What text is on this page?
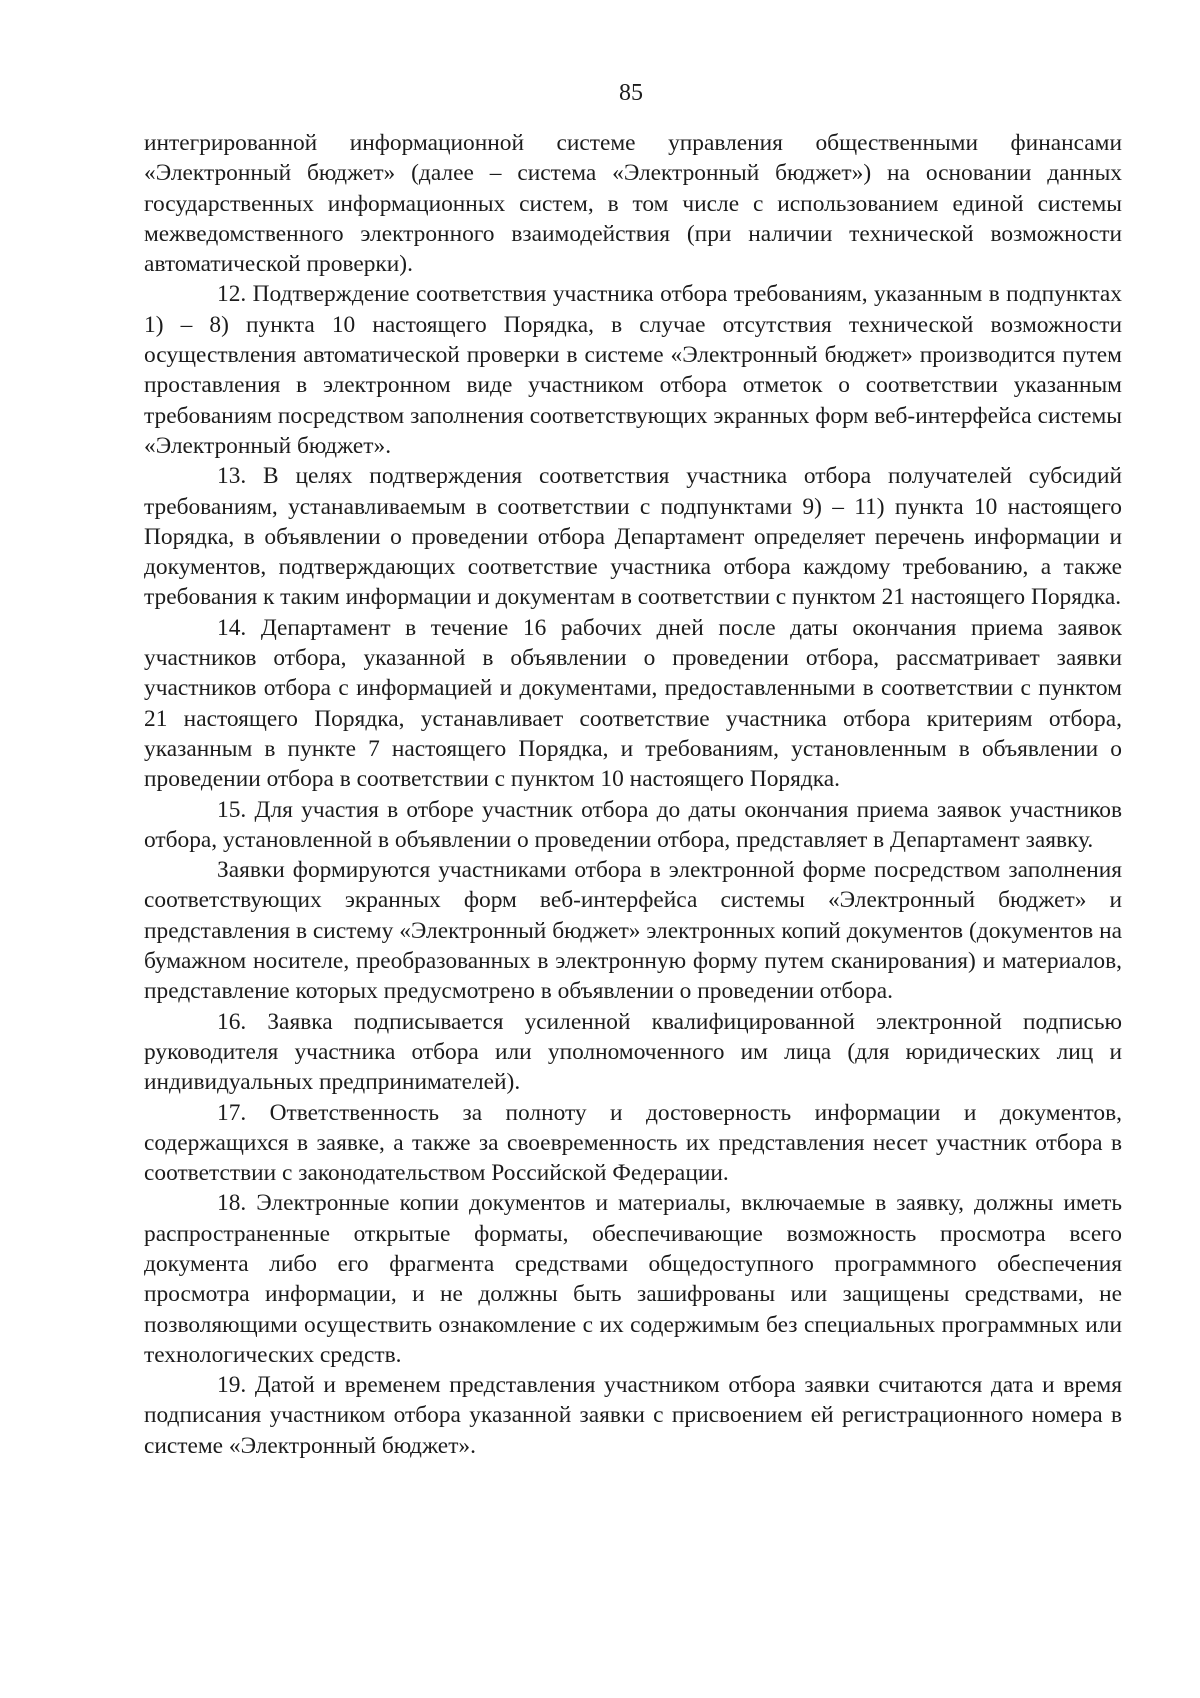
85

интегрированной информационной системе управления общественными финансами «Электронный бюджет» (далее – система «Электронный бюджет») на основании данных государственных информационных систем, в том числе с использованием единой системы межведомственного электронного взаимодействия (при наличии технической возможности автоматической проверки).

12. Подтверждение соответствия участника отбора требованиям, указанным в подпунктах 1) – 8) пункта 10 настоящего Порядка, в случае отсутствия технической возможности осуществления автоматической проверки в системе «Электронный бюджет» производится путем проставления в электронном виде участником отбора отметок о соответствии указанным требованиям посредством заполнения соответствующих экранных форм веб-интерфейса системы «Электронный бюджет».

13. В целях подтверждения соответствия участника отбора получателей субсидий требованиям, устанавливаемым в соответствии с подпунктами 9) – 11) пункта 10 настоящего Порядка, в объявлении о проведении отбора Департамент определяет перечень информации и документов, подтверждающих соответствие участника отбора каждому требованию, а также требования к таким информации и документам в соответствии с пунктом 21 настоящего Порядка.

14. Департамент в течение 16 рабочих дней после даты окончания приема заявок участников отбора, указанной в объявлении о проведении отбора, рассматривает заявки участников отбора с информацией и документами, предоставленными в соответствии с пунктом 21 настоящего Порядка, устанавливает соответствие участника отбора критериям отбора, указанным в пункте 7 настоящего Порядка, и требованиям, установленным в объявлении о проведении отбора в соответствии с пунктом 10 настоящего Порядка.

15. Для участия в отборе участник отбора до даты окончания приема заявок участников отбора, установленной в объявлении о проведении отбора, представляет в Департамент заявку.

Заявки формируются участниками отбора в электронной форме посредством заполнения соответствующих экранных форм веб-интерфейса системы «Электронный бюджет» и представления в систему «Электронный бюджет» электронных копий документов (документов на бумажном носителе, преобразованных в электронную форму путем сканирования) и материалов, представление которых предусмотрено в объявлении о проведении отбора.

16. Заявка подписывается усиленной квалифицированной электронной подписью руководителя участника отбора или уполномоченного им лица (для юридических лиц и индивидуальных предпринимателей).

17. Ответственность за полноту и достоверность информации и документов, содержащихся в заявке, а также за своевременность их представления несет участник отбора в соответствии с законодательством Российской Федерации.

18. Электронные копии документов и материалы, включаемые в заявку, должны иметь распространенные открытые форматы, обеспечивающие возможность просмотра всего документа либо его фрагмента средствами общедоступного программного обеспечения просмотра информации, и не должны быть зашифрованы или защищены средствами, не позволяющими осуществить ознакомление с их содержимым без специальных программных или технологических средств.

19. Датой и временем представления участником отбора заявки считаются дата и время подписания участником отбора указанной заявки с присвоением ей регистрационного номера в системе «Электронный бюджет».
